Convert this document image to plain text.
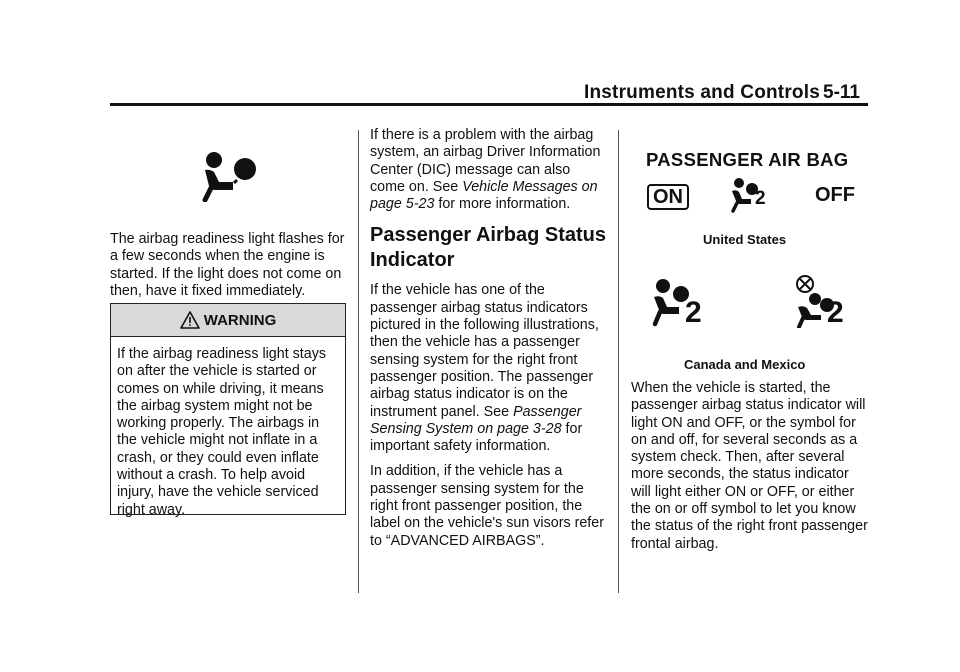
Instruments and Controls 5-11

The airbag readiness light flashes for a few seconds when the engine is started. If the light does not come on then, have it fixed immediately.

WARNING
If the airbag readiness light stays on after the vehicle is started or comes on while driving, it means the airbag system might not be working properly. The airbags in the vehicle might not inflate in a crash, or they could even inflate without a crash. To help avoid injury, have the vehicle serviced right away.

If there is a problem with the airbag system, an airbag Driver Information Center (DIC) message can also come on. See Vehicle Messages on page 5-23 for more information.

Passenger Airbag Status Indicator

If the vehicle has one of the passenger airbag status indicators pictured in the following illustrations, then the vehicle has a passenger sensing system for the right front passenger position. The passenger airbag status indicator is on the instrument panel. See Passenger Sensing System on page 3-28 for important safety information.

In addition, if the vehicle has a passenger sensing system for the right front passenger position, the label on the vehicle's sun visors refer to “ADVANCED AIRBAGS”.

PASSENGER AIR BAG
ON	2 OFF
United States
2	2
Canada and Mexico

When the vehicle is started, the passenger airbag status indicator will light ON and OFF, or the symbol for on and off, for several seconds as a system check. Then, after several more seconds, the status indicator will light either ON or OFF, or either the on or off symbol to let you know the status of the right front passenger frontal airbag.
